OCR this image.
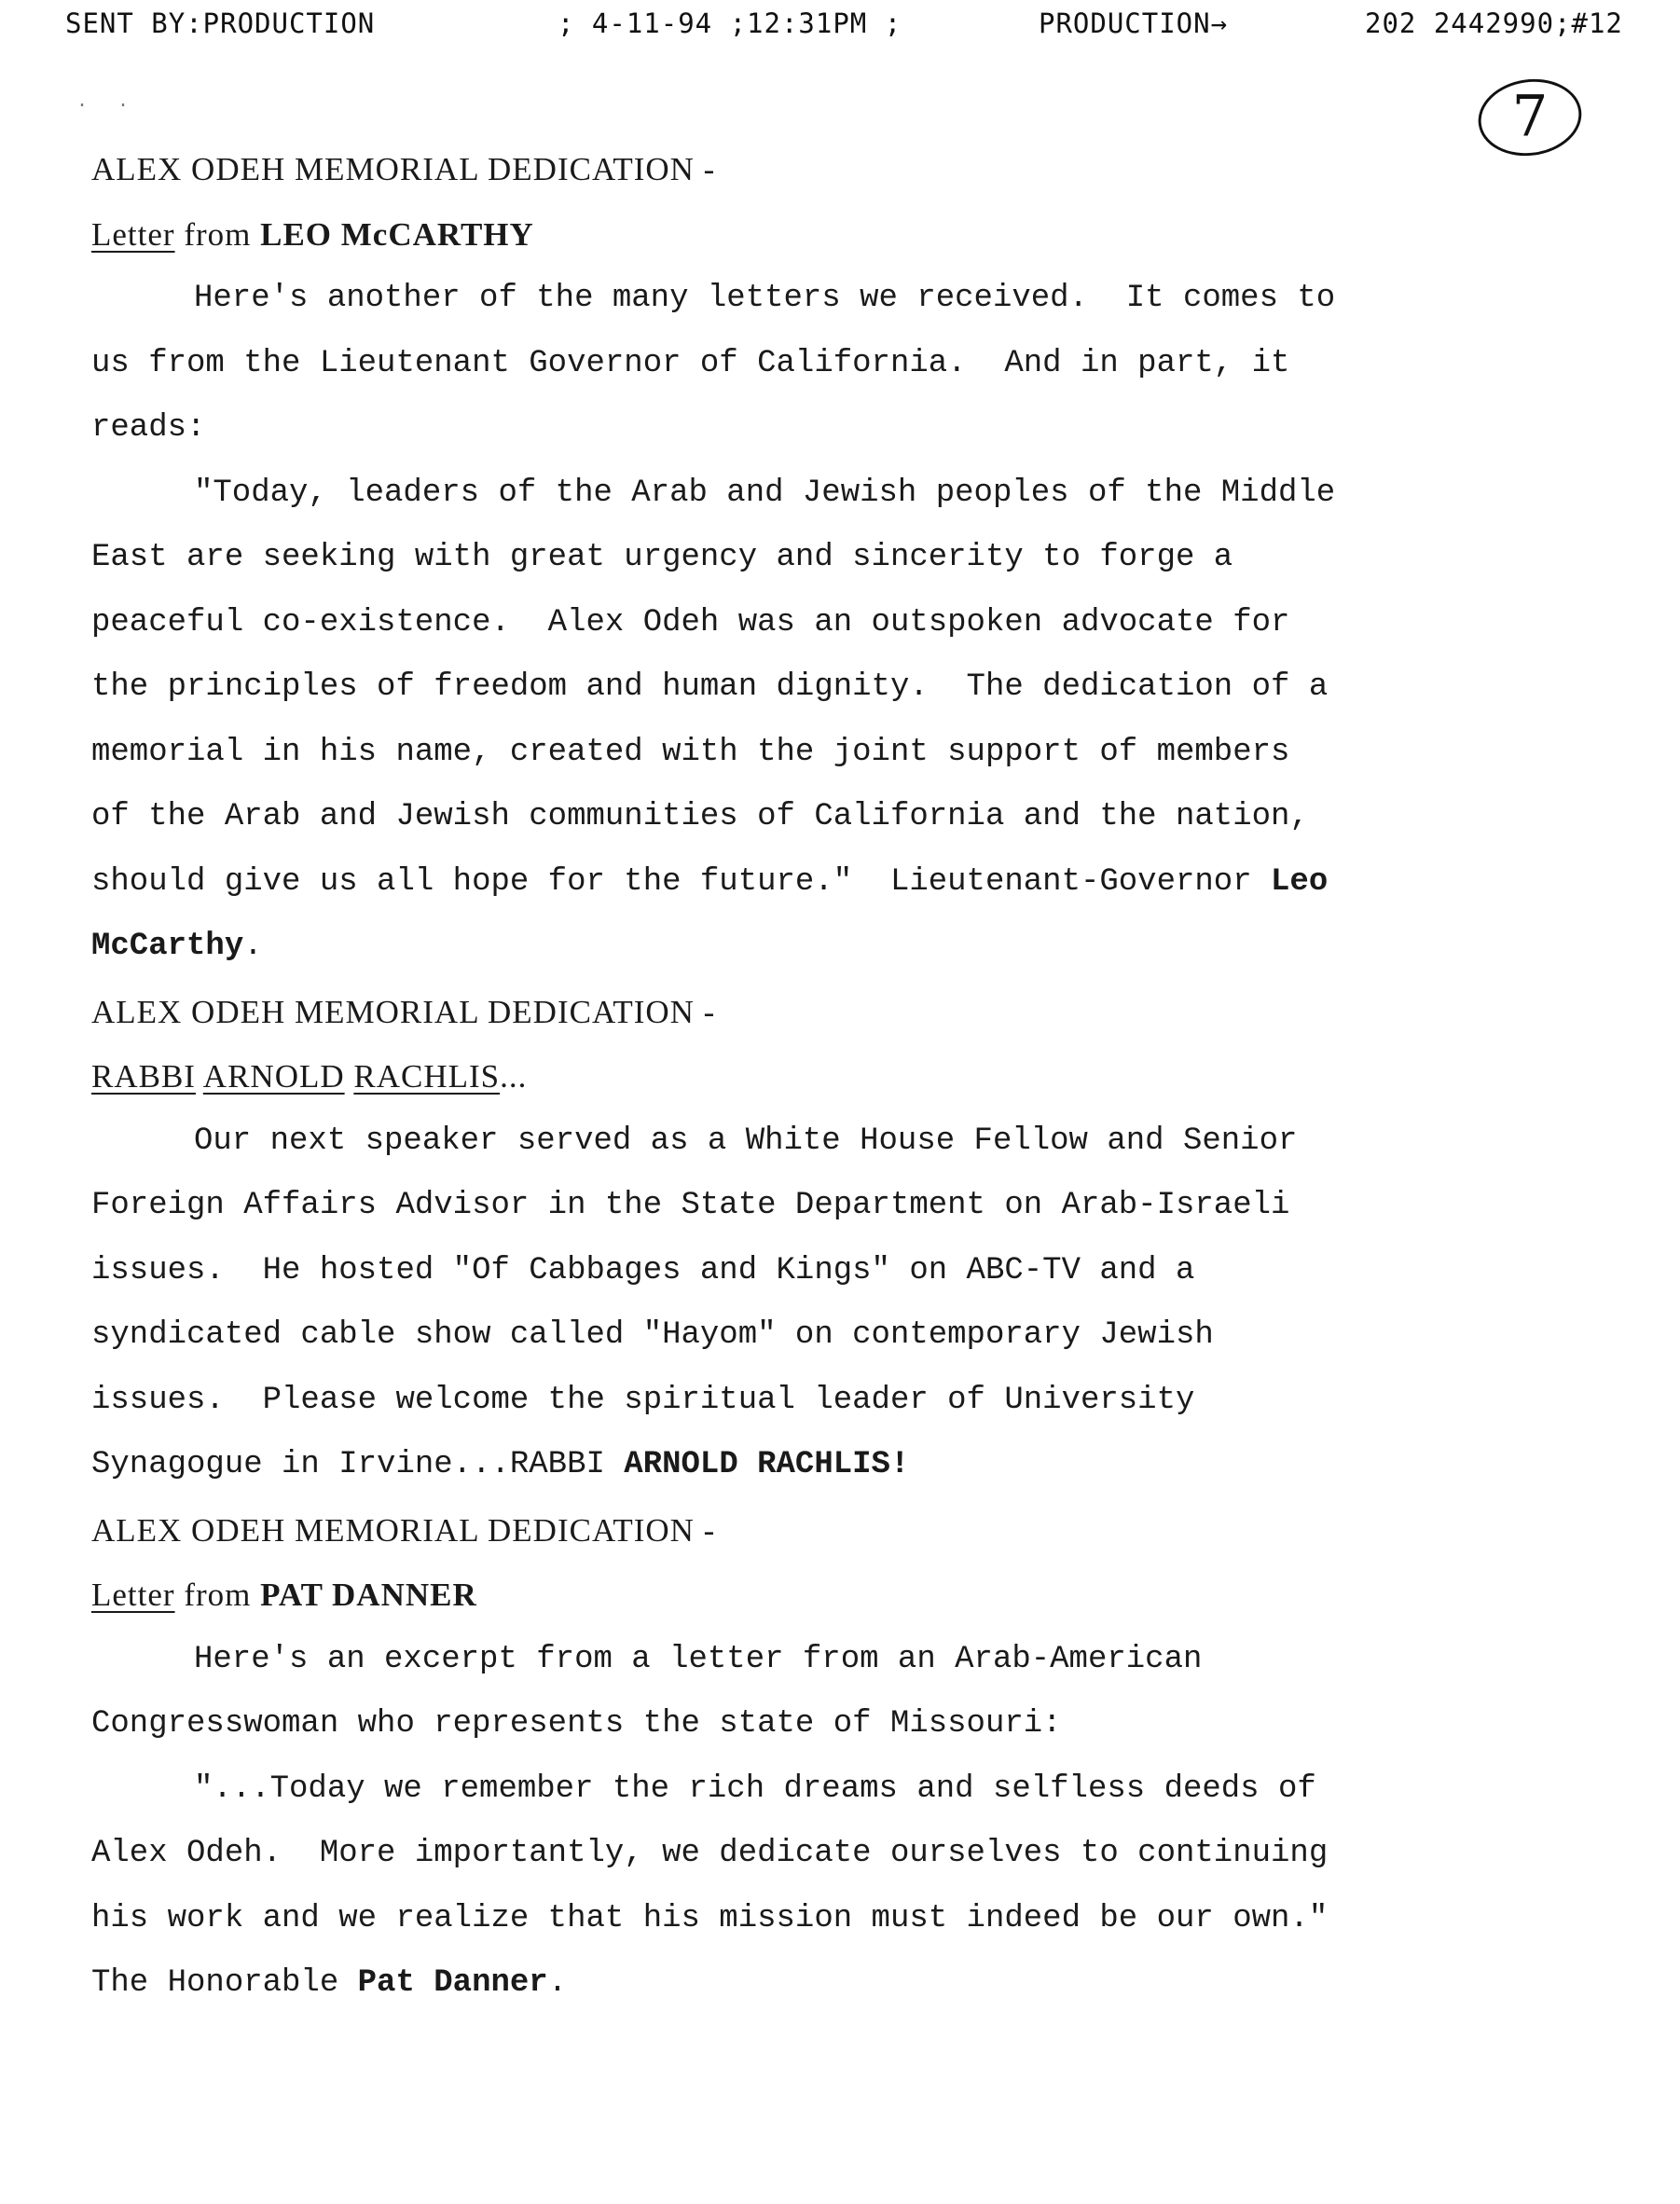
SENT BY:PRODUCTION	; 4-11-94 ;12:31PM ;	PRODUCTION→	202 2442990;#12
· ·	7
ALEX ODEH MEMORIAL DEDICATION -
Letter from LEO McCARTHY
Here's another of the many letters we received.  It comes to
us from the Lieutenant Governor of California.  And in part, it
reads:
"Today, leaders of the Arab and Jewish peoples of the Middle
East are seeking with great urgency and sincerity to forge a
peaceful co-existence.  Alex Odeh was an outspoken advocate for
the principles of freedom and human dignity.  The dedication of a
memorial in his name, created with the joint support of members
of the Arab and Jewish communities of California and the nation,
should give us all hope for the future."  Lieutenant-Governor Leo
McCarthy.
ALEX ODEH MEMORIAL DEDICATION -
RABBI ARNOLD RACHLIS...
Our next speaker served as a White House Fellow and Senior
Foreign Affairs Advisor in the State Department on Arab-Israeli
issues.  He hosted "Of Cabbages and Kings" on ABC-TV and a
syndicated cable show called "Hayom" on contemporary Jewish
issues.  Please welcome the spiritual leader of University
Synagogue in Irvine...RABBI ARNOLD RACHLIS!
ALEX ODEH MEMORIAL DEDICATION -
Letter from PAT DANNER
Here's an excerpt from a letter from an Arab-American
Congresswoman who represents the state of Missouri:
"...Today we remember the rich dreams and selfless deeds of
Alex Odeh.  More importantly, we dedicate ourselves to continuing
his work and we realize that his mission must indeed be our own."
The Honorable Pat Danner.
